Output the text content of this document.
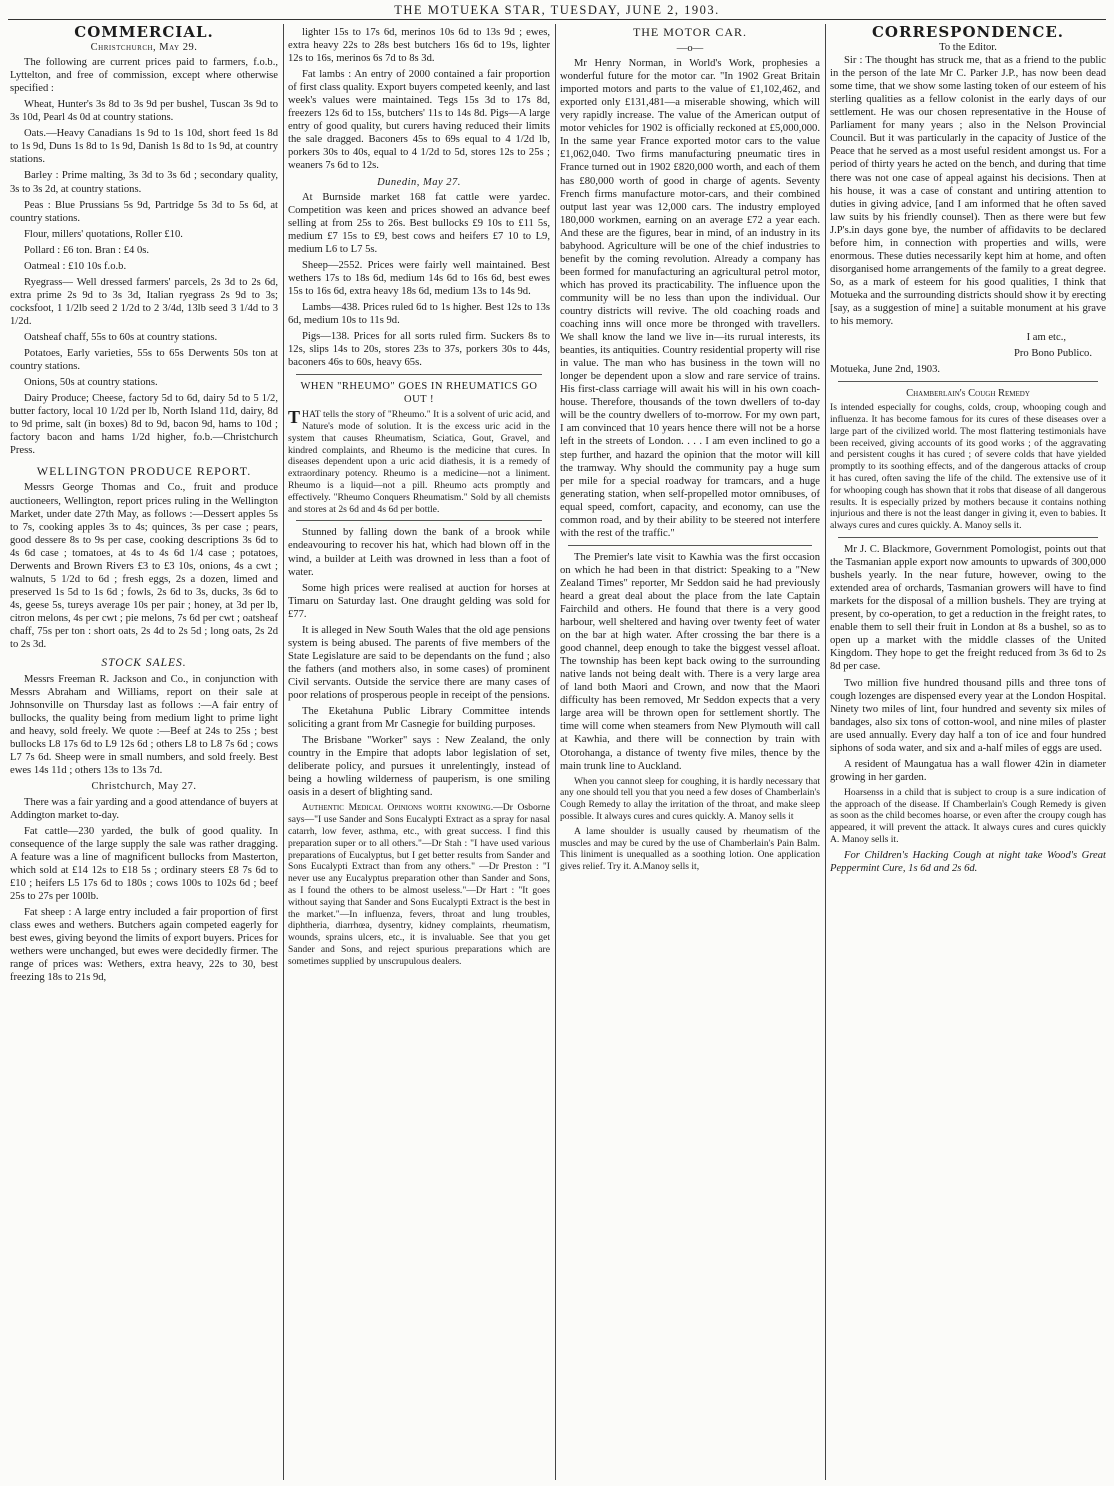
THE MOTUEKA STAR, TUESDAY, JUNE 2, 1903.
COMMERCIAL.
Christchurch, May 29.

The following are current prices paid to farmers, f.o.b., Lyttelton, and free of commission, except where otherwise specified :

Wheat, Hunter's 3s 8d to 3s 9d per bushel, Tuscan 3s 9d to 3s 10d, Pearl 4s 0d at country stations.

Oats.—Heavy Canadians 1s 9d to 1s 10d, short feed 1s 8d to 1s 9d, Duns 1s 8d to 1s 9d, Danish 1s 8d to 1s 9d, at country stations.

Barley : Prime malting, 3s 3d to 3s 6d ; secondary quality, 3s to 3s 2d, at country stations.

Peas : Blue Prussians 5s 9d, Partridge 5s 3d to 5s 6d, at country stations.

Flour, millers' quotations, Roller £10.

Pollard : £6 ton. Bran : £4 0s.

Oatmeal : £10 10s f.o.b.

Ryegrass— Well dressed farmers' parcels, 2s 3d to 2s 6d, extra prime 2s 9d to 3s 3d, Italian ryegrass 2s 9d to 3s; cocksfoot, 1 1/2lb seed 2 1/2d to 2 3/4d, 13lb seed 3 1/4d to 3 1/2d.

Oatsheaf chaff, 55s to 60s at country stations.

Potatoes, Early varieties, 55s to 65s Derwents 50s ton at country stations.

Onions, 50s at country stations.

Dairy Produce; Cheese, factory 5d to 6d, dairy 5d to 5 1/2, butter factory, local 10 1/2d per lb, North Island 11d, dairy, 8d to 9d prime, salt (in boxes) 8d to 9d, bacon 9d, hams to 10d ; factory bacon and hams 1/2d higher, fo.b.—Christchurch Press.

WELLINGTON PRODUCE REPORT.

Messrs George Thomas and Co., fruit and produce auctioneers, Wellington, report prices ruling in the Wellington Market, under date 27th May, as follows :—Dessert apples 5s to 7s, cooking apples 3s to 4s; quinces, 3s per case ; pears, good dessere 8s to 9s per case, cooking descriptions 3s 6d to 4s 6d case ; tomatoes, at 4s to 4s 6d 1/4 case ; potatoes, Derwents and Brown Rivers £3 to £3 10s, onions, 4s a cwt ; walnuts, 5 1/2d to 6d ; fresh eggs, 2s a dozen, limed and preserved 1s 5d to 1s 6d ; fowls, 2s 6d to 3s, ducks, 3s 6d to 4s, geese 5s, tureys average 10s per pair ; honey, at 3d per lb, citron melons, 4s per cwt ; pie melons, 7s 6d per cwt ; oatsheaf chaff, 75s per ton : short oats, 2s 4d to 2s 5d ; long oats, 2s 2d to 2s 3d.

STOCK SALES.

Messrs Freeman R. Jackson and Co., in conjunction with Messrs Abraham and Williams, report on their sale at Johnsonville on Thursday last as follows :—A fair entry of bullocks, the quality being from medium light to prime light and heavy, sold freely. We quote :—Beef at 24s to 25s ; best bullocks L8 17s 6d to L9 12s 6d ; others L8 to L8 7s 6d ; cows L7 7s 6d. Sheep were in small numbers, and sold freely. Best ewes 14s 11d ; others 13s to 13s 7d.

Christchurch, May 27.

There was a fair yarding and a good attendance of buyers at Addington market to-day.

Fat cattle—230 yarded, the bulk of good quality. In consequence of the large supply the sale was rather dragging. A feature was a line of magnificent bullocks from Masterton, which sold at £14 12s to £18 5s ; ordinary steers £8 7s 6d to £10 ; heifers L5 17s 6d to 180s ; cows 100s to 102s 6d ; beef 25s to 27s per 100lb.

Fat sheep : A large entry included a fair proportion of first class ewes and wethers. Butchers again competed eagerly for best ewes, giving beyond the limits of export buyers. Prices for wethers were unchanged, but ewes were decidedly firmer. The range of prices was: Wethers, extra heavy, 22s to 30, best freezing 18s to 21s 9d,

lighter 15s to 17s 6d, merinos 10s 6d to 13s 9d ; ewes, extra heavy 22s to 28s best butchers 16s 6d to 19s, lighter 12s to 16s, merinos 6s 7d to 8s 3d.

Fat lambs : An entry of 2000 contained a fair proportion of first class quality. Export buyers competed keenly, and last week's values were maintained. Tegs 15s 3d to 17s 8d, freezers 12s 6d to 15s, butchers' 11s to 14s 8d. Pigs—A large entry of good quality, but curers having reduced their limits the sale dragged. Baconers 45s to 69s equal to 4 1/2d lb, porkers 30s to 40s, equal to 4 1/2d to 5d, stores 12s to 25s ; weaners 7s 6d to 12s.

Dunedin, May 27.

At Burnside market 168 fat cattle were yardec. Competition was keen and prices showed an advance beef selling at from 25s to 26s. Best bullocks £9 10s to £11 5s, medium £7 15s to £9, best cows and heifers £7 10 to L9, medium L6 to L7 5s.

Sheep—2552. Prices were fairly well maintained. Best wethers 17s to 18s 6d, medium 14s 6d to 16s 6d, best ewes 15s to 16s 6d, extra heavy 18s 6d, medium 13s to 14s 9d.

Lambs—438. Prices ruled 6d to 1s higher. Best 12s to 13s 6d, medium 10s to 11s 9d.

Pigs—138. Prices for all sorts ruled firm. Suckers 8s to 12s, slips 14s to 20s, stores 23s to 37s, porkers 30s to 44s, baconers 46s to 60s, heavy 65s.

WHEN "RHEUMO" GOES IN RHEUMATICS GO OUT !

THAT tells the story of "Rheumo." It is a solvent of uric acid, and Nature's mode of solution. It is the excess uric acid in the system that causes Rheumatism, Sciatica, Gout, Gravel, and kindred complaints, and Rheumo is the medicine that cures. In diseases dependent upon a uric acid diathesis, it is a remedy of extraordinary potency. Rheumo is a medicine—not a liniment. Rheumo is a liquid—not a pill. Rheumo acts promptly and effectively. "Rheumo Conquers Rheumatism." Sold by all chemists and stores at 2s 6d and 4s 6d per bottle.

Stunned by falling down the bank of a brook while endeavouring to recover his hat, which had blown off in the wind, a builder at Leith was drowned in less than a foot of water.

Some high prices were realised at auction for horses at Timaru on Saturday last. One draught gelding was sold for £77.

It is alleged in New South Wales that the old age pensions system is being abused. The parents of five members of the State Legislature are said to be dependants on the fund ; also the fathers (and mothers also, in some cases) of prominent Civil servants. Outside the service there are many cases of poor relations of prosperous people in receipt of the pensions.

The Eketahuna Public Library Committee intends soliciting a grant from Mr Casnegie for building purposes.

The Brisbane "Worker" says : New Zealand, the only country in the Empire that adopts labor legislation of set, deliberate policy, and pursues it unrelentingly, instead of being a howling wilderness of pauperism, is one smiling oasis in a desert of blighting sand.

Authentic Medical Opinions worth knowing.—Dr Osborne says—"I use Sander and Sons Eucalypti Extract as a spray for nasal catarrh, low fever, asthma, etc., with great success. I find this preparation super or to all others."—Dr Stah : "I have used various preparations of Eucalyptus, but I get better results from Sander and Sons Eucalypti Extract than from any others." —Dr Preston : "I never use any Eucalyptus preparation other than Sander and Sons, as I found the others to be almost useless."—Dr Hart : "It goes without saying that Sander and Sons Eucalypti Extract is the best in the market."—In influenza, fevers, throat and lung troubles, diphtheria, diarrhœa, dysentry, kidney complaints, rheumatism, wounds, sprains ulcers, etc., it is invaluable. See that you get Sander and Sons, and reject spurious preparations which are sometimes supplied by unscrupulous dealers.

THE MOTOR CAR.
—o—

Mr Henry Norman, in World's Work, prophesies a wonderful future for the motor car. "In 1902 Great Britain imported motors and parts to the value of £1,102,462, and exported only £131,481—a miserable showing, which will very rapidly increase. The value of the American output of motor vehicles for 1902 is officially reckoned at £5,000,000. In the same year France exported motor cars to the value £1,062,040. Two firms manufacturing pneumatic tires in France turned out in 1902 £820,000 worth, and each of them has £80,000 worth of good in charge of agents. Seventy French firms manufacture motor-cars, and their combined output last year was 12,000 cars. The industry employed 180,000 workmen, earning on an average £72 a year each. And these are the figures, bear in mind, of an industry in its babyhood. Agriculture will be one of the chief industries to benefit by the coming revolution. Already a company has been formed for manufacturing an agricultural petrol motor, which has proved its practicability. The influence upon the community will be no less than upon the individual. Our country districts will revive. The old coaching roads and coaching inns will once more be thronged with travellers. We shall know the land we live in—its rurual interests, its beanties, its antiquities. Country residential property will rise in value. The man who has business in the town will no longer be dependent upon a slow and rare service of trains. His first-class carriage will await his will in his own coach-house. Therefore, thousands of the town dwellers of to-day will be the country dwellers of to-morrow. For my own part, I am convinced that 10 years hence there will not be a horse left in the streets of London. . . . I am even inclined to go a step further, and hazard the opinion that the motor will kill the tramway. Why should the community pay a huge sum per mile for a special roadway for tramcars, and a huge generating station, when self-propelled motor omnibuses, of equal speed, comfort, capacity, and economy, can use the common road, and by their ability to be steered not interfere with the rest of the traffic."

The Premier's late visit to Kawhia was the first occasion on which he had been in that district: Speaking to a "New Zealand Times" reporter, Mr Seddon said he had previously heard a great deal about the place from the late Captain Fairchild and others. He found that there is a very good harbour, well sheltered and having over twenty feet of water on the bar at high water. After crossing the bar there is a good channel, deep enough to take the biggest vessel afloat. The township has been kept back owing to the surrounding native lands not being dealt with. There is a very large area of land both Maori and Crown, and now that the Maori difficulty has been removed, Mr Seddon expects that a very large area will be thrown open for settlement shortly. The time will come when steamers from New Plymouth will call at Kawhia, and there will be connection by train with Otorohanga, a distance of twenty five miles, thence by the main trunk line to Auckland.

When you cannot sleep for coughing, it is hardly necessary that any one should tell you that you need a few doses of Chamberlain's Cough Remedy to allay the irritation of the throat, and make sleep possible. It always cures and cures quickly. A. Manoy sells it

A lame shoulder is usually caused by rheumatism of the muscles and may be cured by the use of Chamberlain's Pain Balm. This liniment is unequalled as a soothing lotion. One application gives relief. Try it. A.Manoy sells it,

CORRESPONDENCE.
To the Editor.

Sir : The thought has struck me, that as a friend to the public in the person of the late Mr C. Parker J.P., has now been dead some time, that we show some lasting token of our esteem of his sterling qualities as a fellow colonist in the early days of our settlement. He was our chosen representative in the House of Parliament for many years ; also in the Nelson Provincial Council. But it was particularly in the capacity of Justice of the Peace that he served as a most useful resident amongst us. For a period of thirty years he acted on the bench, and during that time there was not one case of appeal against his decisions. Then at his house, it was a case of constant and untiring attention to duties in giving advice, [and I am informed that he often saved law suits by his friendly counsel). Then as there were but few J.P's.in days gone bye, the number of affidavits to be declared before him, in connection with properties and wills, were enormous. These duties necessarily kept him at home, and often disorganised home arrangements of the family to a great degree. So, as a mark of esteem for his good qualities, I think that Motueka and the surrounding districts should show it by erecting [say, as a suggestion of mine] a suitable monument at his grave to his memory.

I am etc.,

Pro Bono Publico.

Motueka, June 2nd, 1903.

Chamberlain's Cough Remedy

Is intended especially for coughs, colds, croup, whooping cough and influenza. It has become famous for its cures of these diseases over a large part of the civilized world. The most flattering testimonials have been received, giving accounts of its good works ; of the aggravating and persistent coughs it has cured ; of severe colds that have yielded promptly to its soothing effects, and of the dangerous attacks of croup it has cured, often saving the life of the child. The extensive use of it for whooping cough has shown that it robs that disease of all dangerous results. It is especially prized by mothers because it contains nothing injurious and there is not the least danger in giving it, even to babies. It always cures and cures quickly. A. Manoy sells it.

Mr J. C. Blackmore, Government Pomologist, points out that the Tasmanian apple export now amounts to upwards of 300,000 bushels yearly. In the near future, however, owing to the extended area of orchards, Tasmanian growers will have to find markets for the disposal of a million bushels. They are trying at present, by co-operation, to get a reduction in the freight rates, to enable them to sell their fruit in London at 8s a bushel, so as to open up a market with the middle classes of the United Kingdom. They hope to get the freight reduced from 3s 6d to 2s 8d per case.

Two million five hundred thousand pills and three tons of cough lozenges are dispensed every year at the London Hospital. Ninety two miles of lint, four hundred and seventy six miles of bandages, also six tons of cotton-wool, and nine miles of plaster are used annually. Every day half a ton of ice and four hundred siphons of soda water, and six and a-half miles of eggs are used.

A resident of Maungatua has a wall flower 42in in diameter growing in her garden.

Hoarsenss in a child that is subject to croup is a sure indication of the approach of the disease. If Chamberlain's Cough Remedy is given as soon as the child becomes hoarse, or even after the croupy cough has appeared, it will prevent the attack. It always cures and cures quickly A. Manoy sells it.

For Children's Hacking Cough at night take Wood's Great Peppermint Cure, 1s 6d and 2s 6d.
